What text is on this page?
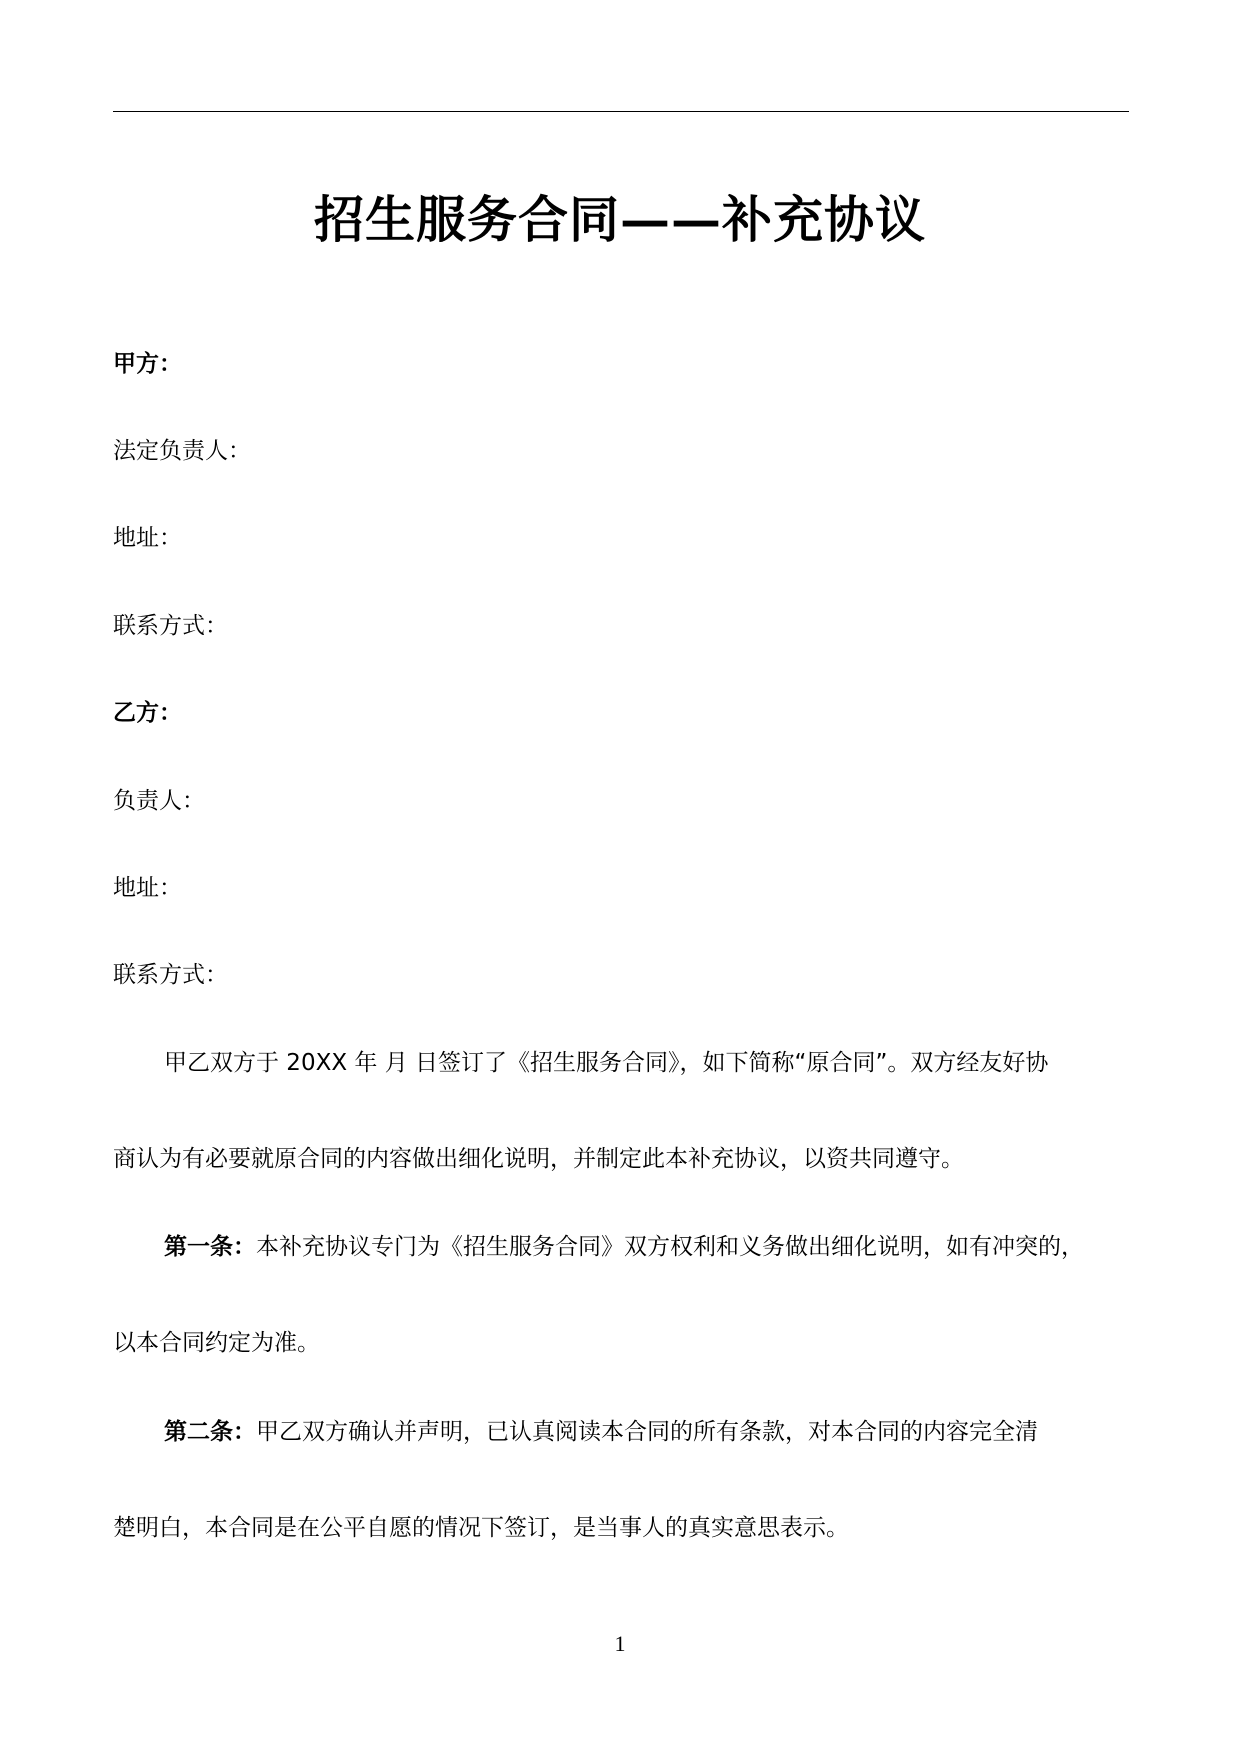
招生服务合同——补充协议
甲方：
法定负责人：
地址：
联系方式：
乙方：
负责人：
地址：
联系方式：
甲乙双方于 20XX 年 月 日签订了《招生服务合同》，如下简称“原合同”。双方经友好协
商认为有必要就原合同的内容做出细化说明，并制定此本补充协议，以资共同遵守。
第一条：本补充协议专门为《招生服务合同》双方权利和义务做出细化说明，如有冲突的，
以本合同约定为准。
第二条：甲乙双方确认并声明，已认真阅读本合同的所有条款，对本合同的内容完全清
楚明白，本合同是在公平自愿的情况下签订，是当事人的真实意思表示。
1
